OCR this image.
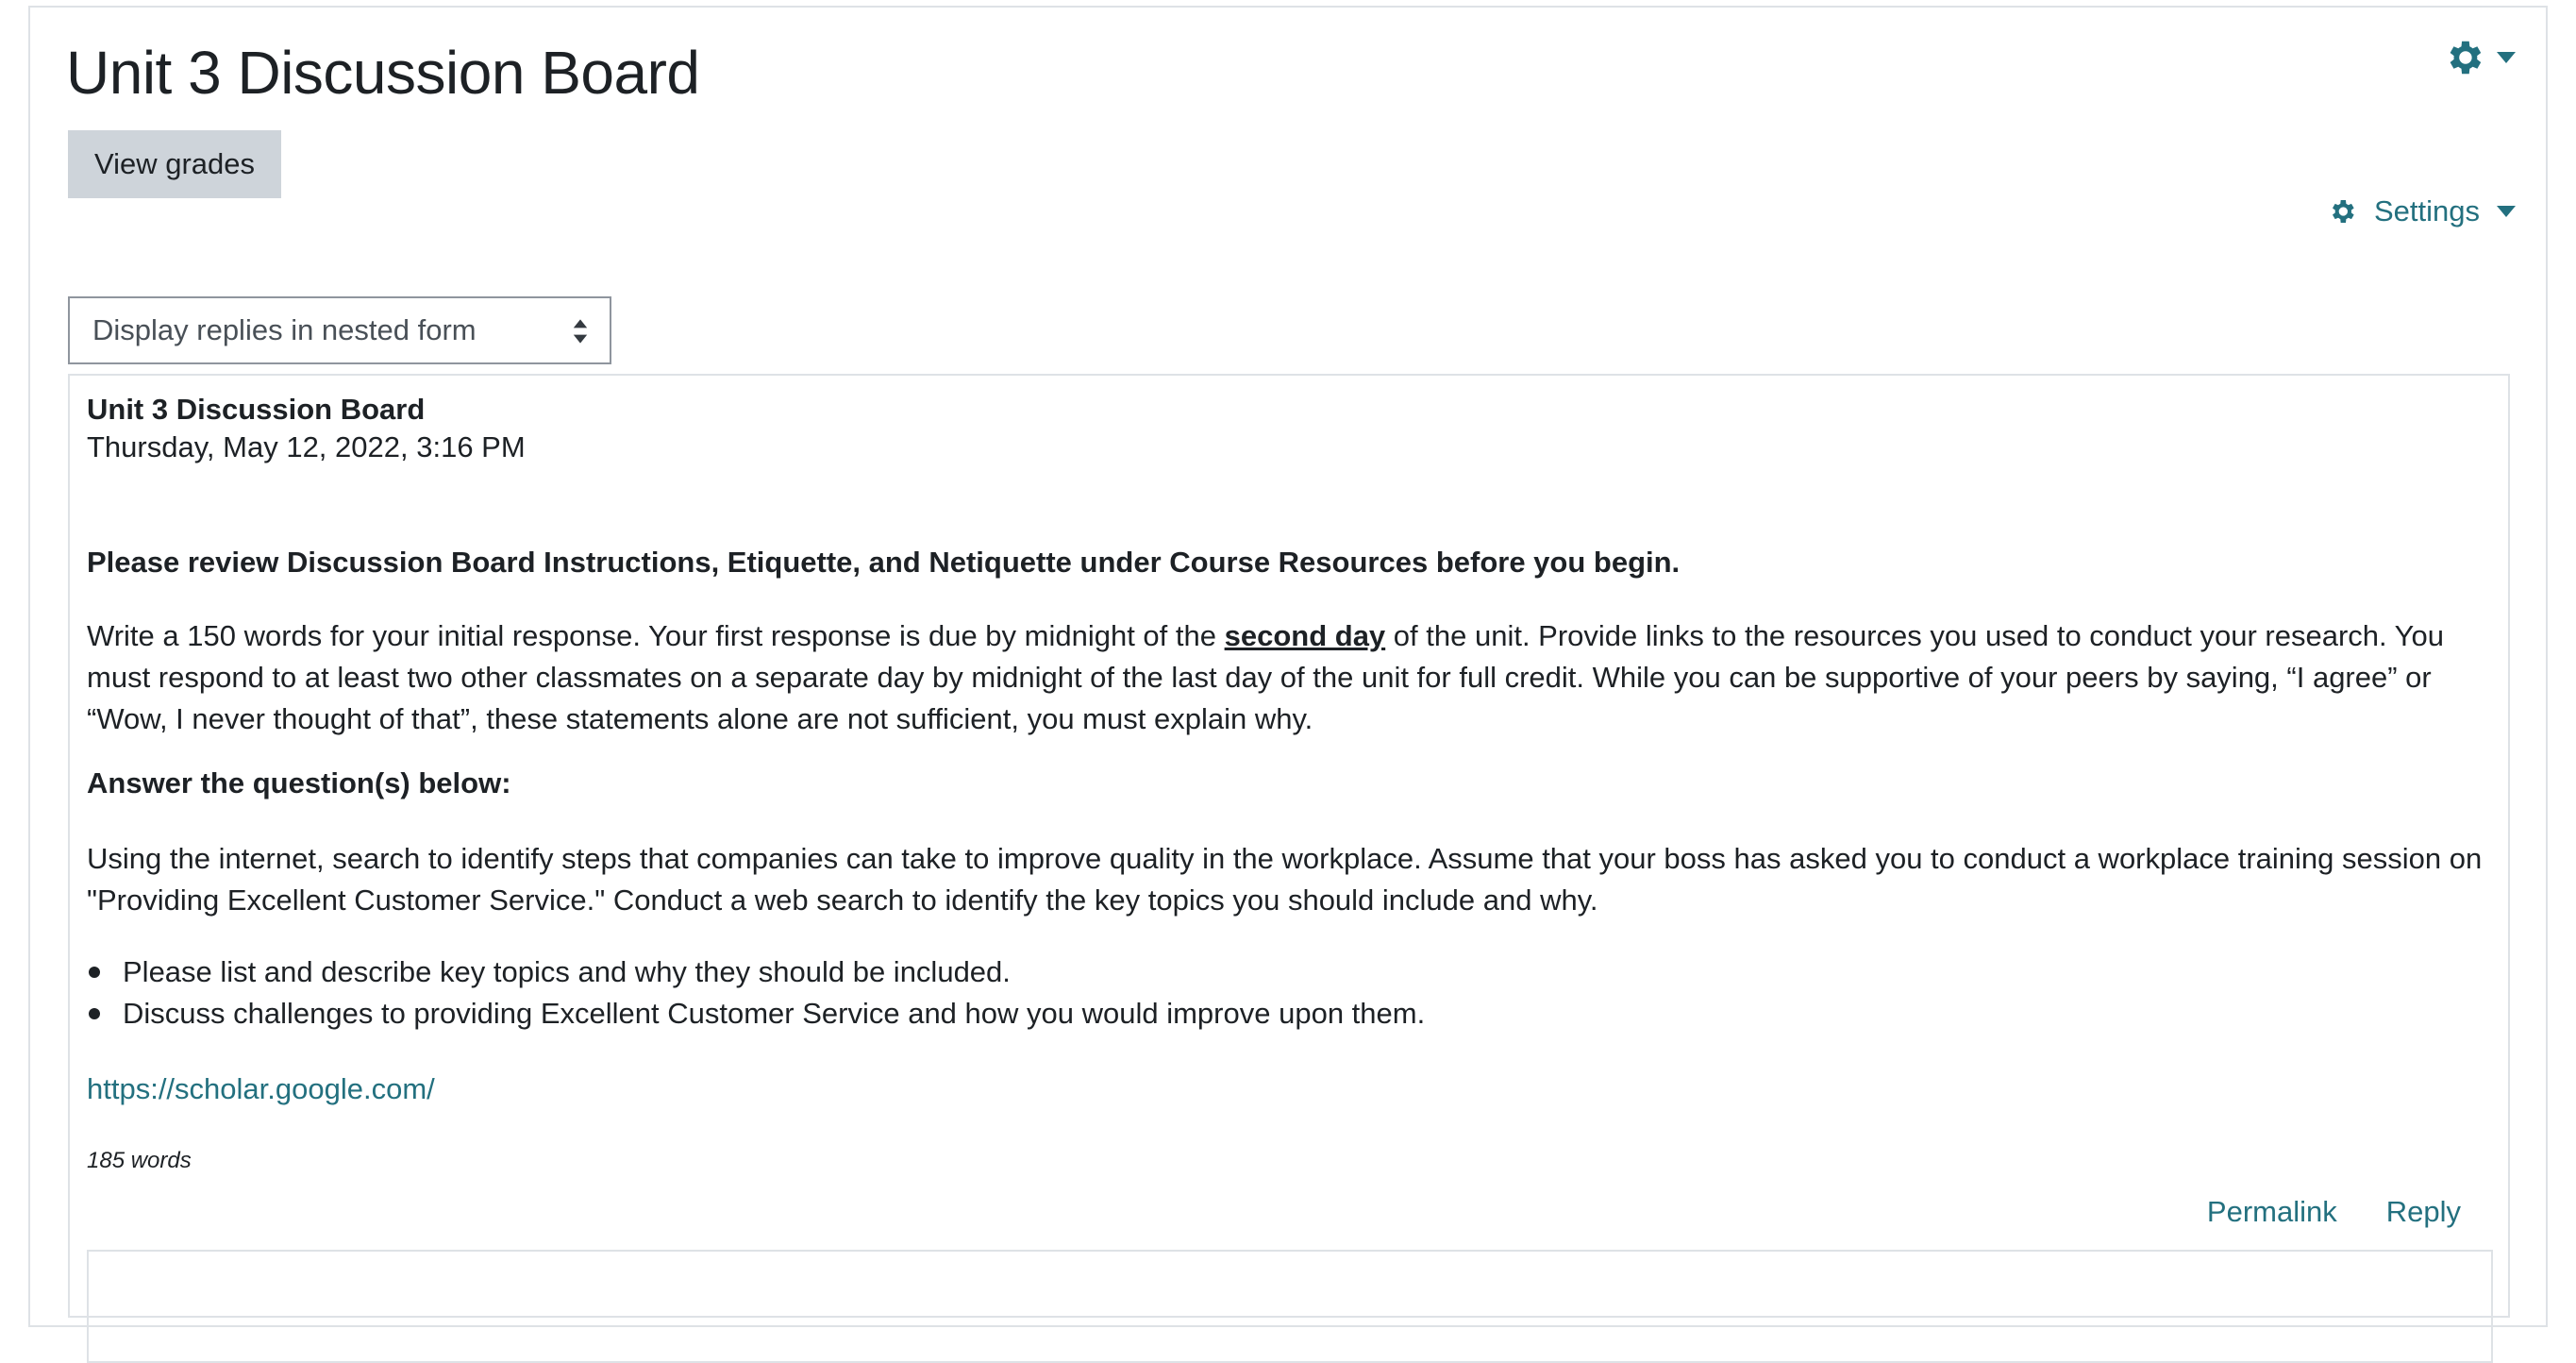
Unit 3 Discussion Board
View grades
Settings
Display replies in nested form
Unit 3 Discussion Board
Thursday, May 12, 2022, 3:16 PM
Please review Discussion Board Instructions, Etiquette, and Netiquette under Course Resources before you begin.
Write a 150 words for your initial response. Your first response is due by midnight of the second day of the unit. Provide links to the resources you used to conduct your research. You must respond to at least two other classmates on a separate day by midnight of the last day of the unit for full credit. While you can be supportive of your peers by saying, “I agree” or “Wow, I never thought of that”, these statements alone are not sufficient, you must explain why.
Answer the question(s) below:
Using the internet, search to identify steps that companies can take to improve quality in the workplace. Assume that your boss has asked you to conduct a workplace training session on "Providing Excellent Customer Service." Conduct a web search to identify the key topics you should include and why.
Please list and describe key topics and why they should be included.
Discuss challenges to providing Excellent Customer Service and how you would improve upon them.
https://scholar.google.com/
185 words
Permalink Reply
